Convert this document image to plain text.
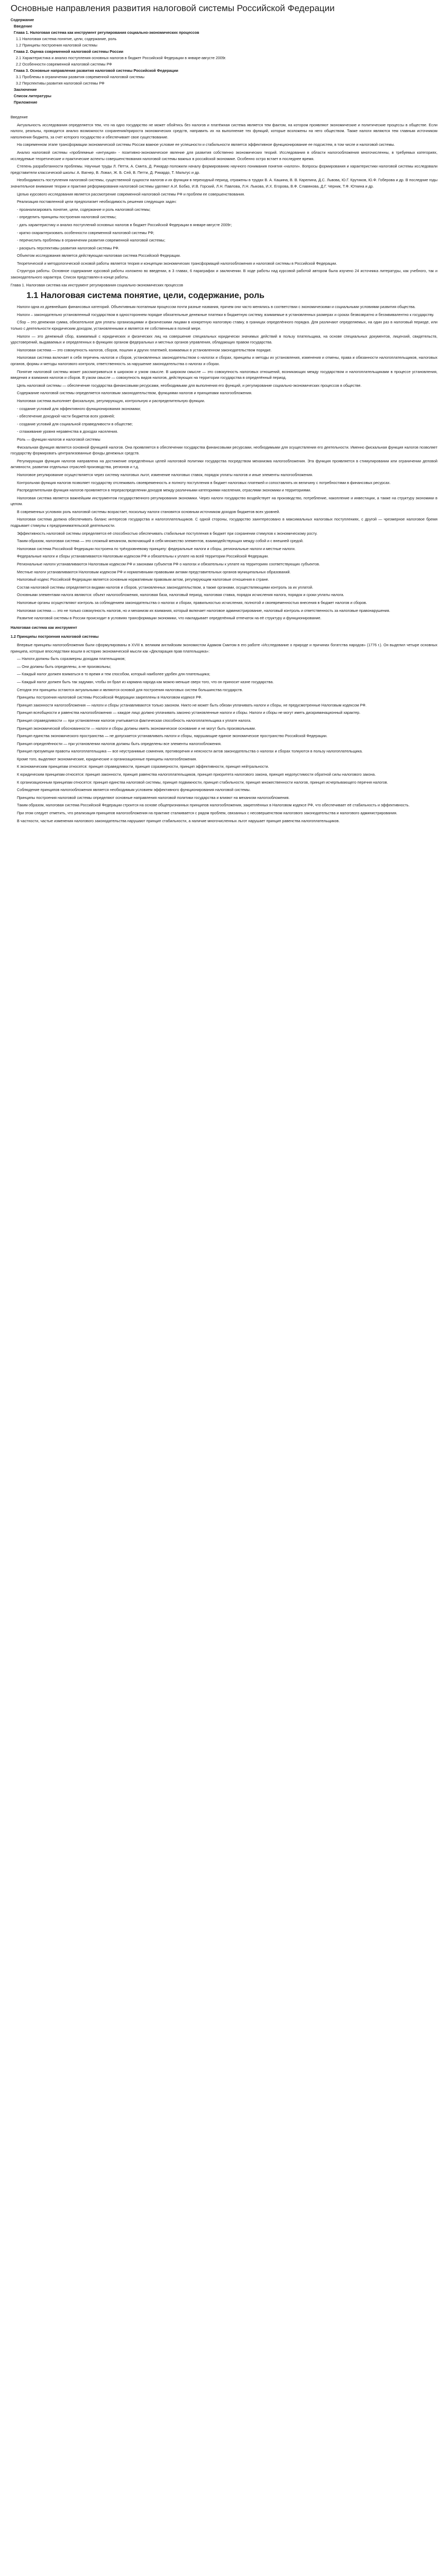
Основные направления развития налоговой системы Российской Федерации
Содержание
Введение
Глава 1. Налоговая система как инструмент регулирования социально-экономических процессов
1.1 Налоговая система понятие, цели, содержание, роль
1.2 Принципы построения налоговой системы
Глава 2. Оценка современной налоговой системы России
2.1 Характеристика и анализ поступления основных налогов в бюджет Российской Федерации в январе-августе 2009г.
2.2 Особенности современной налоговой системы РФ
Глава 3. Основные направления развития налоговой системы Российской Федерации
3.1 Проблемы в ограничении развития современной налоговой системы
3.2 Перспективы развития налоговой системы РФ
Заключение
Список литературы
Приложение

Введение

Актуальность исследования определяется тем, что на одно государство не может обойтись без налогов и платёжная система является тем фактом, на котором проявляют экономические и политические процессы в обществе. Если налоги, реальны, проводится анализ возможности сохранения/прироста экономических средств, направить их на выполнение тех функций, которые возложены на него обществом. Также налоги являются тем главным источником наполнения бюджета, за счет которого государство и обеспечивает свое существование.

На современном этапе трансформации экономической системы России важное условие ее успешности и стабильности является эффективное функционирование ее подсистем, в том числе и налоговой системы.

Анализ налоговой системы «проблемные «интуиция» - позитивно-экономическое явление для развития собственно экономических теорий. Исследования в области налогообложения многочисленны, в требуемых категориях, исследуемые теоретические и практические аспекты совершенствования налоговой системы важных в российской экономике. Особенно остро встает в последнее время.

Степень разработанности проблемы. Научные труды Л. Петти, А. Смита, Д. Рикардо положили началу формированию научного понимания понятия «налоги». Вопросы формирования и характеристики налоговой системы исследовали представители классической школы: А. Вагнер, В. Ловал, Ж. Б. Сей, В. Петти, Д. Рикардо, Т. Мальтус и др.

Необходимость поступления налоговой системы, существенной сущности налогов и их функции в переходный период, отражены в трудах В. А. Кашина, В. В. Карелина, Д.С. Львова, Ю.Г. Крутиков, Ю.Ф. Гоберова и др. В последние годы значительное внимание теории и практике реформирования налоговой системы уделяют А.И. Бобко, И.В. Горский, Л.Н. Павлова, Л.Н. Лыкова, И.Х. Егорова, В.Ф. Славянова, Д.Г. Черник, Т.Ф. Юткина и др.

Целью курсового исследования является рассмотрение современной налоговой системы РФ и проблем ее совершенствования.

Реализация поставленной цели предполагает необходимость решения следующих задач:

- проанализировать понятие, цели, содержание и роль налоговой системы;

- определить принципы построения налоговой системы;

- дать характеристику и анализ поступлений основных налогов в бюджет Российской Федерации в январе-августе 2009г;

- кратко охарактеризовать особенности современной налоговой системы РФ;

- перечислить проблемы в ограничении развития современной налоговой системы;

- раскрыть перспективы развития налоговой системы РФ.

Объектом исследования является действующая налоговая система Российской Федерации.

Теоретической и методологической основой работы является теория и концепции экономических трансформаций налогообложения и налоговой системы в Российской Федерации.

Структура работы. Основное содержание курсовой работы изложено во введении, в 3 главах, 6 параграфах и заключении. В ходе работы над курсовой работой автором была изучено 24 источника литературы, как учебного, так и законодательного характера. Список представлен в конце работы.

Глава 1. Налоговая система как инструмент регулирования социально-экономических процессов

1.1 Налоговая система понятие, цели, содержание, роль

Налоги одна из древнейших финансовых категорий. Объективным поэтапным процессом почти разные названия, причем они часто менялись в соответствии с экономическими и социальными условиями развития общества.

Налоги – законодательно установленный государством в одностороннем порядке обязательные денежные платежи в бюджетную систему, взимаемые в установленных размерах и сроках безвозвратно и безэквивалентно к государству.

Сбор – это денежная сумма, обязательное для уплаты организациями и физическими лицами в конкретную налоговую ставку, в границах определённого порядка. Для различают определяемых, на один раз в налоговый периоде, или только с деятельности юридическим доходом, установленными и является ее собственным в полной мере.

Налоги — это денежный сбор, взимаемый с юридических и физических лиц на совершение специальных юридически значимых действий в пользу плательщика, на основе специальных документов, лицензий, свидетельств, удостоверений, выдаваемых и определенных в функциях органом федеральных и местных органов управления, обладающих правом государства.

Налоговая система — это совокупность налогов, сборов, пошлин и других платежей, взимаемых в установленном законодательством порядке.

Налоговая система включает в себя перечень налогов и сборов, установленных законодательством о налогах и сборах, принципы и методы их установления, изменения и отмены, права и обязанности налогоплательщиков, налоговых органов, формы и методы налогового контроля, ответственность за нарушение законодательства о налогах и сборах.

Понятие налоговой системы может рассматриваться в широком и узком смысле. В широком смысле — это совокупность налоговых отношений, возникающих между государством и налогоплательщиками в процессе установления, введения и взимания налогов и сборов. В узком смысле — совокупность видов налогов, действующих на территории государства в определённый период.

Цель налоговой системы — обеспечение государства финансовыми ресурсами, необходимыми для выполнения его функций, и регулирование социально-экономических процессов в обществе.

Содержание налоговой системы определяется налоговым законодательством, функциями налогов и принципами налогообложения.

Налоговая система выполняет фискальную, регулирующую, контрольную и распределительную функции.

- создание условий для эффективного функционирования экономики;

- обеспечение доходной части бюджетов всех уровней;

- создание условий для социальной справедливости в обществе;

- сглаживание уровня неравенства в доходах населения.

Роль — функции налогов и налоговой системы

Фискальная функция является основной функцией налогов. Она проявляется в обеспечении государства финансовыми ресурсами, необходимыми для осуществления его деятельности. Именно фискальная функция налогов позволяет государству формировать централизованные фонды денежных средств.

Регулирующая функция налогов направлена на достижение определённых целей налоговой политики государства посредством механизма налогообложения. Эта функция проявляется в стимулировании или ограничении деловой активности, развитии отдельных отраслей производства, регионов и т.д.

Налоговое регулирование осуществляется через систему налоговых льгот, изменение налоговых ставок, порядок уплаты налогов и иные элементы налогообложения.

Контрольная функция налогов позволяет государству отслеживать своевременность и полноту поступления в бюджет налоговых платежей и сопоставлять их величину с потребностями в финансовых ресурсах.

Распределительная функция налогов проявляется в перераспределении доходов между различными категориями населения, отраслями экономики и территориями.

Налоговая система является важнейшим инструментом государственного регулирования экономики. Через налоги государство воздействует на производство, потребление, накопление и инвестиции, а также на структуру экономики в целом.

В современных условиях роль налоговой системы возрастает, поскольку налоги становятся основным источником доходов бюджетов всех уровней.

Налоговая система должна обеспечивать баланс интересов государства и налогоплательщиков. С одной стороны, государство заинтересовано в максимальных налоговых поступлениях, с другой — чрезмерное налоговое бремя подрывает стимулы к предпринимательской деятельности.

Эффективность налоговой системы определяется её способностью обеспечивать стабильные поступления в бюджет при сохранении стимулов к экономическому росту.

Таким образом, налоговая система — это сложный механизм, включающий в себя множество элементов, взаимодействующих между собой и с внешней средой.

Налоговая система Российской Федерации построена по трёхуровневому принципу: федеральные налоги и сборы, региональные налоги и местные налоги.

Федеральные налоги и сборы устанавливаются Налоговым кодексом РФ и обязательны к уплате на всей территории Российской Федерации.

Региональные налоги устанавливаются Налоговым кодексом РФ и законами субъектов РФ о налогах и обязательны к уплате на территориях соответствующих субъектов.

Местные налоги устанавливаются Налоговым кодексом РФ и нормативными правовыми актами представительных органов муниципальных образований.

Налоговый кодекс Российской Федерации является основным нормативным правовым актом, регулирующим налоговые отношения в стране.

Состав налоговой системы определяется видами налогов и сборов, установленных законодательством, а также органами, осуществляющими контроль за их уплатой.

Основными элементами налога являются: объект налогообложения, налоговая база, налоговый период, налоговая ставка, порядок исчисления налога, порядок и сроки уплаты налога.

Налоговые органы осуществляют контроль за соблюдением законодательства о налогах и сборах, правильностью исчисления, полнотой и своевременностью внесения в бюджет налогов и сборов.

Налоговая система — это не только совокупность налогов, но и механизм их взимания, который включает налоговое администрирование, налоговый контроль и ответственность за налоговые правонарушения.

Развитие налоговой системы в России происходит в условиях трансформации экономики, что накладывает определённый отпечаток на её структуру и функционирование.

Налоговая система как инструмент

1.2 Принципы построения налоговой системы

Впервые принципы налогообложения были сформулированы в XVIII в. великим английским экономистом Адамом Смитом в его работе «Исследование о природе и причинах богатства народов» (1776 г.). Он выделил четыре основных принципа, которые впоследствии вошли в историю экономической мысли как «Декларация прав плательщика»:

— Налоги должны быть соразмерны доходам плательщиков;

— Они должны быть определены, а не произвольны;

— Каждый налог должен взиматься в то время и тем способом, который наиболее удобен для плательщика;

— Каждый налог должен быть так задуман, чтобы он брал из кармана народа как можно меньше сверх того, что он приносит казне государства.

Сегодня эти принципы остаются актуальными и являются основой для построения налоговых систем большинства государств.

Принципы построения налоговой системы Российской Федерации закреплены в Налоговом кодексе РФ.

Принцип законности налогообложения — налоги и сборы устанавливаются только законом. Никто не может быть обязан уплачивать налоги и сборы, не предусмотренные Налоговым кодексом РФ.

Принцип всеобщности и равенства налогообложения — каждое лицо должно уплачивать законно установленные налоги и сборы. Налоги и сборы не могут иметь дискриминационный характер.

Принцип справедливости — при установлении налогов учитывается фактическая способность налогоплательщика к уплате налога.

Принцип экономической обоснованности — налоги и сборы должны иметь экономическое основание и не могут быть произвольными.

Принцип единства экономического пространства — не допускается устанавливать налоги и сборы, нарушающие единое экономическое пространство Российской Федерации.

Принцип определённости — при установлении налогов должны быть определены все элементы налогообложения.

Принцип презумпции правоты налогоплательщика — все неустранимые сомнения, противоречия и неясности актов законодательства о налогах и сборах толкуются в пользу налогоплательщика.

Кроме того, выделяют экономические, юридические и организационные принципы налогообложения.

К экономическим принципам относятся: принцип справедливости, принцип соразмерности, принцип эффективности, принцип нейтральности.

К юридическим принципам относятся: принцип законности, принцип равенства налогоплательщиков, принцип приоритета налогового закона, принцип недопустимости обратной силы налогового закона.

К организационным принципам относятся: принцип единства налоговой системы, принцип подвижности, принцип стабильности, принцип множественности налогов, принцип исчерпывающего перечня налогов.

Соблюдение принципов налогообложения является необходимым условием эффективного функционирования налоговой системы.

Принципы построения налоговой системы определяют основные направления налоговой политики государства и влияют на механизм налогообложения.

Таким образом, налоговая система Российской Федерации строится на основе общепризнанных принципов налогообложения, закреплённых в Налоговом кодексе РФ, что обеспечивает её стабильность и эффективность.

При этом следует отметить, что реализация принципов налогообложения на практике сталкивается с рядом проблем, связанных с несовершенством налогового законодательства и налогового администрирования.

В частности, частые изменения налогового законодательства нарушают принцип стабильности, а наличие многочисленных льгот нарушает принцип равенства налогоплательщиков.
